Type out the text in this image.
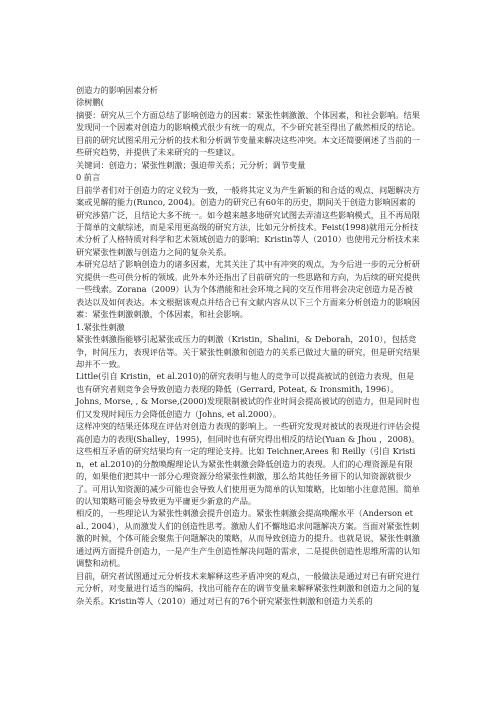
创造力的影响因素分析

徐树鹏(

摘要：研究从三个方面总结了影响创造力的因素：紧张性刺激激、个体因素，和社会影响。结果发现同一个因素对创造力的影响模式很少有统一的观点，不少研究甚至得出了截然相反的结论。目前的研究试图采用元分析的技术和分析调节变量来解决这些冲突。本文还简要阐述了当前的一些研究趋势，并提供了未来研究的一些建议。

关键词：创造力；紧张性刺激；强迫带关系；元分析；调节变量

0 前言

目前学者们对于创造力的定义较为一致，一般将其定义为产生新颖的和合适的观点、问题解决方案或见解的能力(Runco, 2004)。创造力的研究已有60年的历史，期间关于创造力影响因素的研究涉猎广泛，且结论大多不统一。如今越来越多地研究试图去弄清这些影响模式，且不再局限于简单的文献综述，而是采用更高级的研究方法，比如元分析技术。Feist(1998)就用元分析技术分析了人格特质对科学和艺术领域创造力的影响；Kristin等人（2010）也使用元分析技术来研究紧张性刺激与创造力之间的复杂关系。

本研究总结了影响创造力的诸多因素，尤其关注了其中有冲突的观点，为今后进一步的元分析研究提供一些可供分析的领域。此外本外还指出了目前研究的一些思路和方向，为后续的研究提供一些线索。Zorana（2009）认为个体潜能和社会环境之间的交互作用将会决定创造力是否被表达以及如何表达。本文根据该观点并结合已有文献内容从以下三个方面来分析创造力的影响因素：紧张性刺激刺激，个体因素，和社会影响。

1.紧张性刺激

紧张性刺激指能够引起紧张或压力的刺激（Kristin，Shalini，& Deborah，2010），包括竞争，时间压力，表现评估等。关于紧张性刺激和创造力的关系已做过大量的研究，但是研究结果却并不一致。

Little(引自 Kristin，et al.2010)的研究表明与他人的竞争可以提高被试的创造力表现，但是也有研究者则竞争会导致创造力表现的降低（Gerrard, Poteat, & Ironsmith, 1996）。

Johns, Morse, , & Morse,(2000)发现限制被试的作业时间会提高被试的创造力，但是同时也们又发现时间压力会降低创造力（Johns, et al.2000）。

这样冲突的结果还体现在评估对创造力表现的影响上。一些研究发现对被试的表现进行评估会提高创造力的表现(Shalley，1995)，但同时也有研究得出相反的结论(Yuan & Jhou ，2008)。这些相互矛盾的研究结果均有一定的理论支持。比如 Teichner,Arees 和 Reilly（引自 Kristin，et al.2010)的分散唤醒理论认为紧张性刺激会降低创造力的表现。人们的心理资源是有限的，如果他们把其中一部分心理资源分给紧张性刺激，那么给其他任务留下的认知资源就很少了。可用认知资源的减少可能也会导致人们使用更为简单的认知策略，比如缩小注意范围。简单的认知策略可能会导致更为平庸更少新意的产品。

相反的，一些理论认为紧张性刺激会提升创造力。紧张性刺激会提高唤醒水平（Anderson et al., 2004），从而激发人们的创造性思考。激励人们不懈地追求问题解决方案。当面对紧张性刺激的时候，个体可能会聚焦于问题解决的策略，从而导致创造力的提升。也就是说，紧张性刺激通过两方面提升创造力，一是产生产生创造性解决问题的需求，二是提供创造性思维所需的认知调整和动机。

目前，研究者试图通过元分析技术来解释这些矛盾冲突的观点，一般做法是通过对已有研究进行元分析，对变量进行适当的编码，找出可能存在的调节变量来解释紧张性刺激和创造力之间的复杂关系。Kristin等人（2010）通过对已有的76个研究紧张性刺激和创造力关系的
